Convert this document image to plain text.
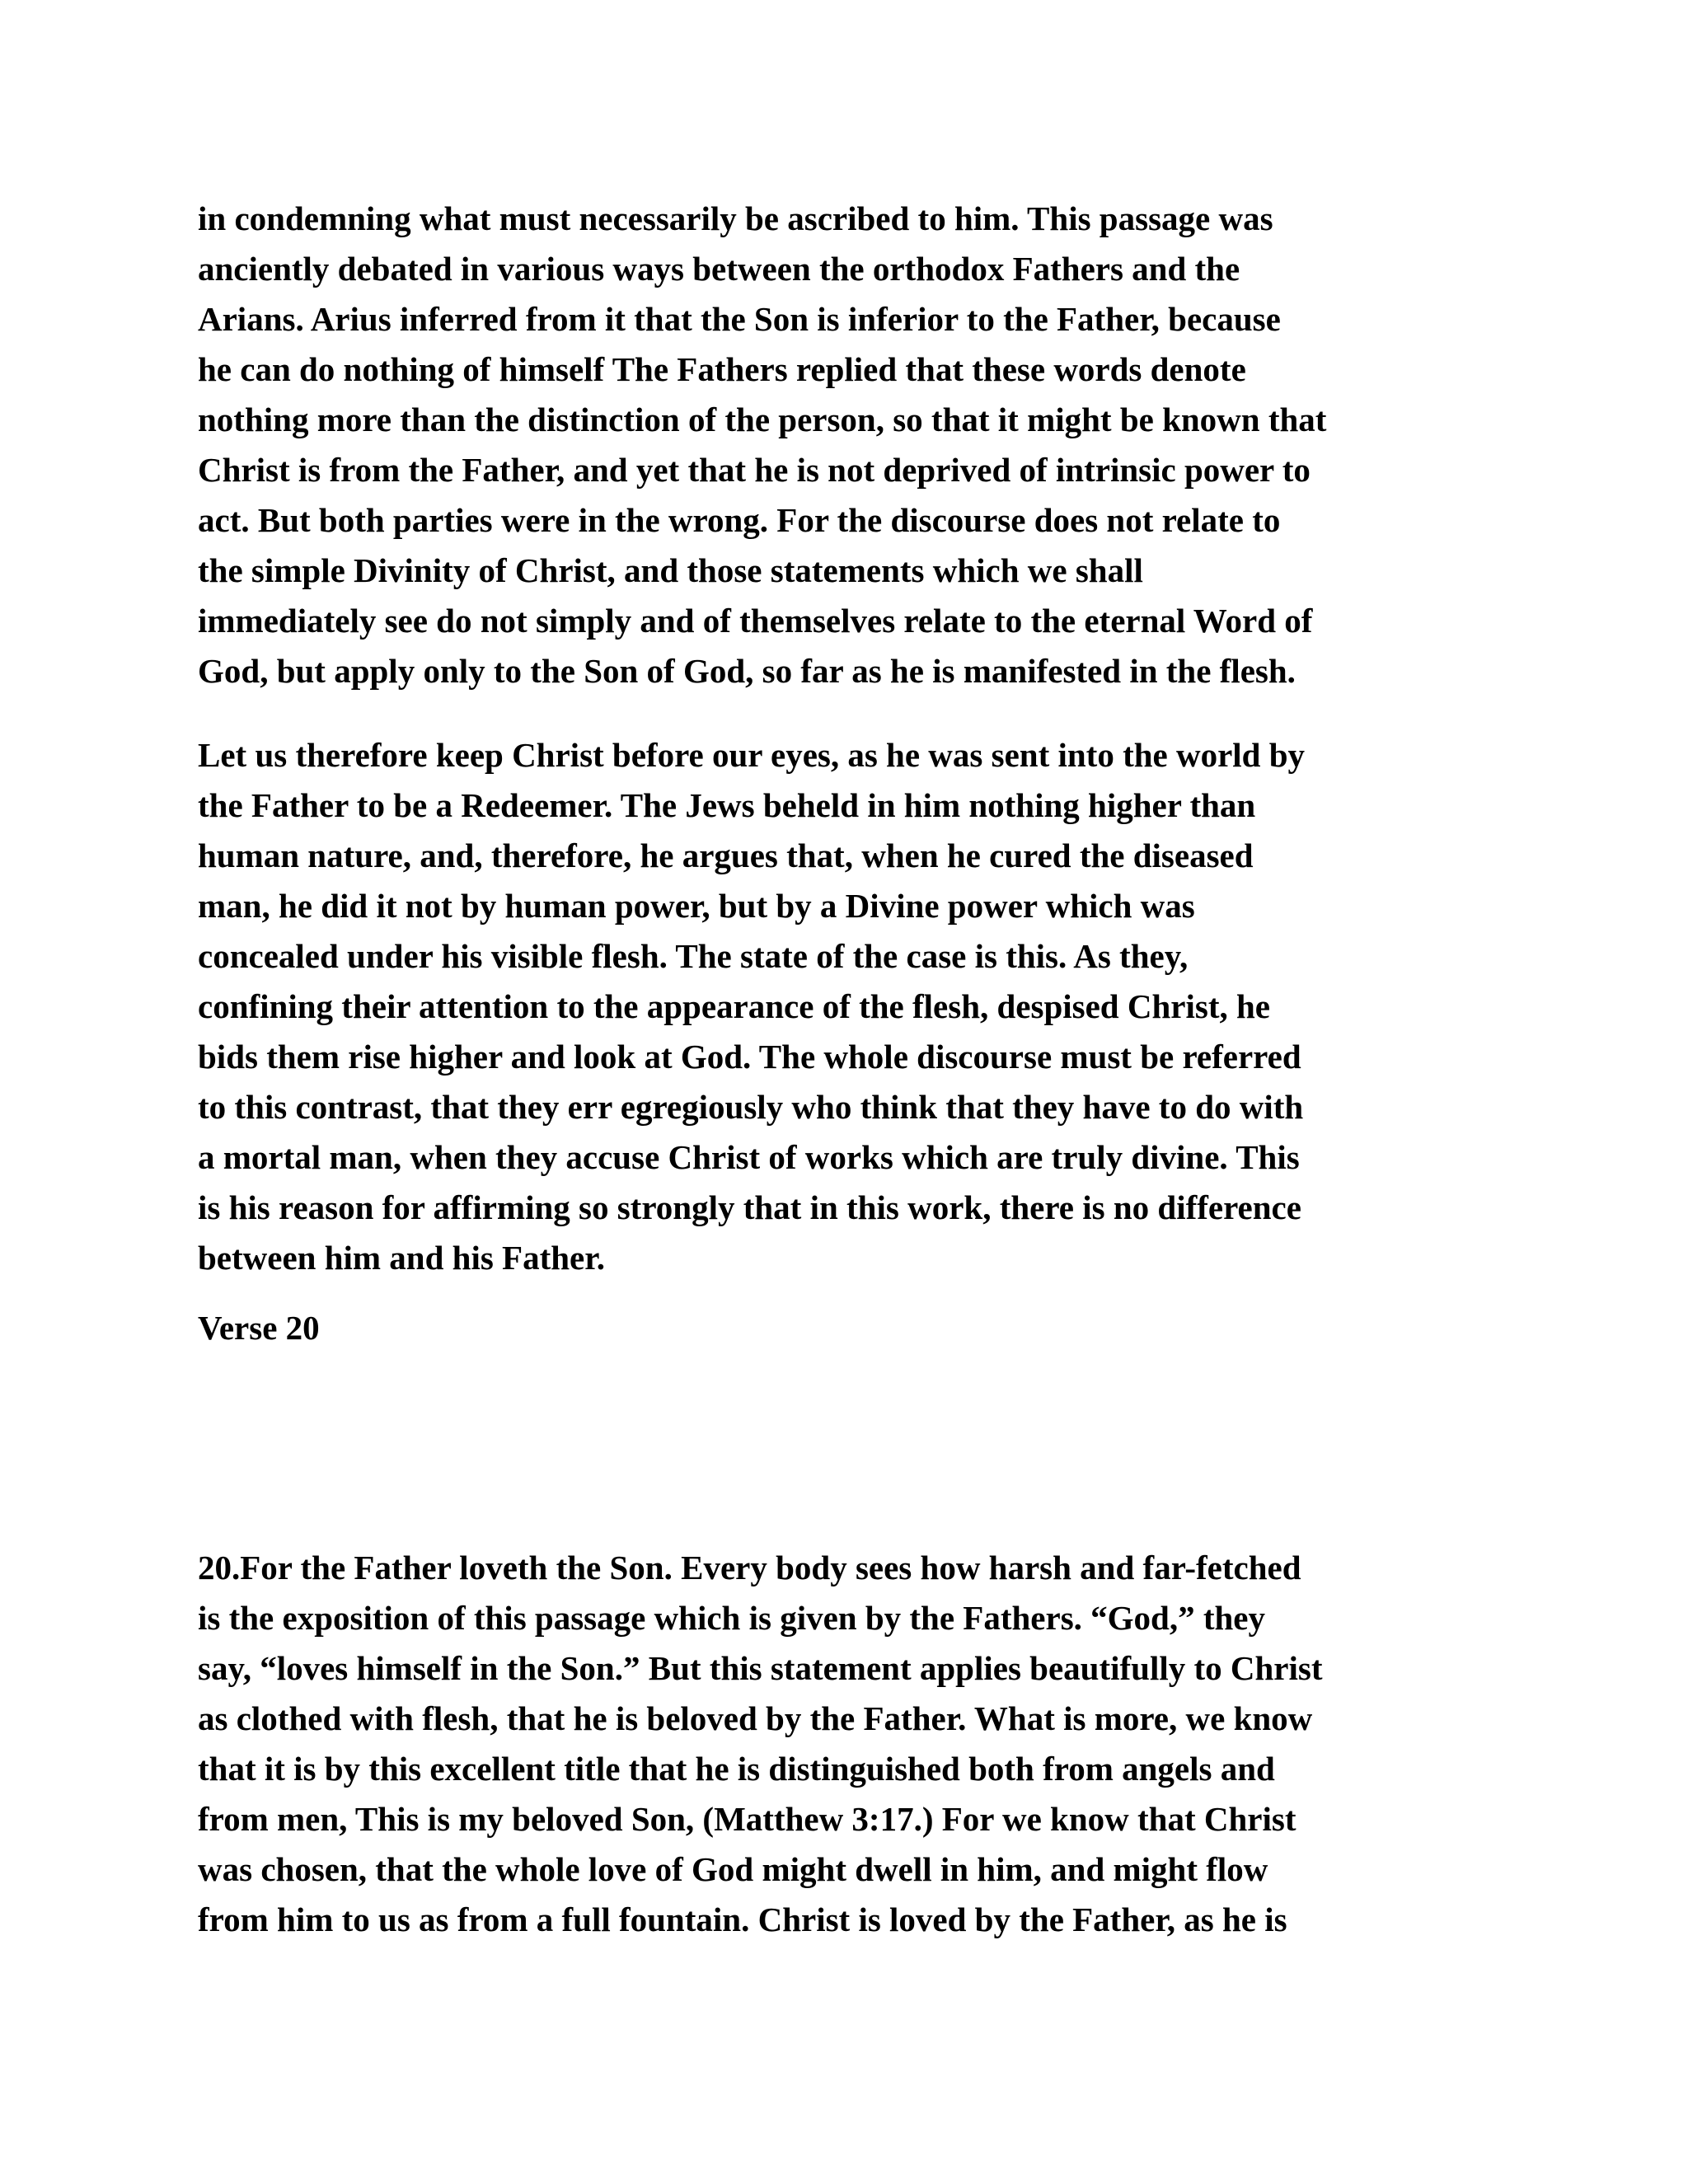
in condemning what must necessarily be ascribed to him. This passage was
anciently debated in various ways between the orthodox Fathers and the
Arians. Arius inferred from it that the Son is inferior to the Father, because
he can do nothing of himself The Fathers replied that these words denote
nothing more than the distinction of the person, so that it might be known that
Christ is from the Father, and yet that he is not deprived of intrinsic power to
act. But both parties were in the wrong. For the discourse does not relate to
the simple Divinity of Christ, and those statements which we shall
immediately see do not simply and of themselves relate to the eternal Word of
God, but apply only to the Son of God, so far as he is manifested in the flesh.
Let us therefore keep Christ before our eyes, as he was sent into the world by
the Father to be a Redeemer. The Jews beheld in him nothing higher than
human nature, and, therefore, he argues that, when he cured the diseased
man, he did it not by human power, but by a Divine power which was
concealed under his visible flesh. The state of the case is this. As they,
confining their attention to the appearance of the flesh, despised Christ, he
bids them rise higher and look at God. The whole discourse must be referred
to this contrast, that they err egregiously who think that they have to do with
a mortal man, when they accuse Christ of works which are truly divine. This
is his reason for affirming so strongly that in this work, there is no difference
between him and his Father.
Verse 20
20.For the Father loveth the Son. Every body sees how harsh and far-fetched
is the exposition of this passage which is given by the Fathers. “God,” they
say, “loves himself in the Son.” But this statement applies beautifully to Christ
as clothed with flesh, that he is beloved by the Father. What is more, we know
that it is by this excellent title that he is distinguished both from angels and
from men, This is my beloved Son, (Matthew 3:17.) For we know that Christ
was chosen, that the whole love of God might dwell in him, and might flow
from him to us as from a full fountain. Christ is loved by the Father, as he is
